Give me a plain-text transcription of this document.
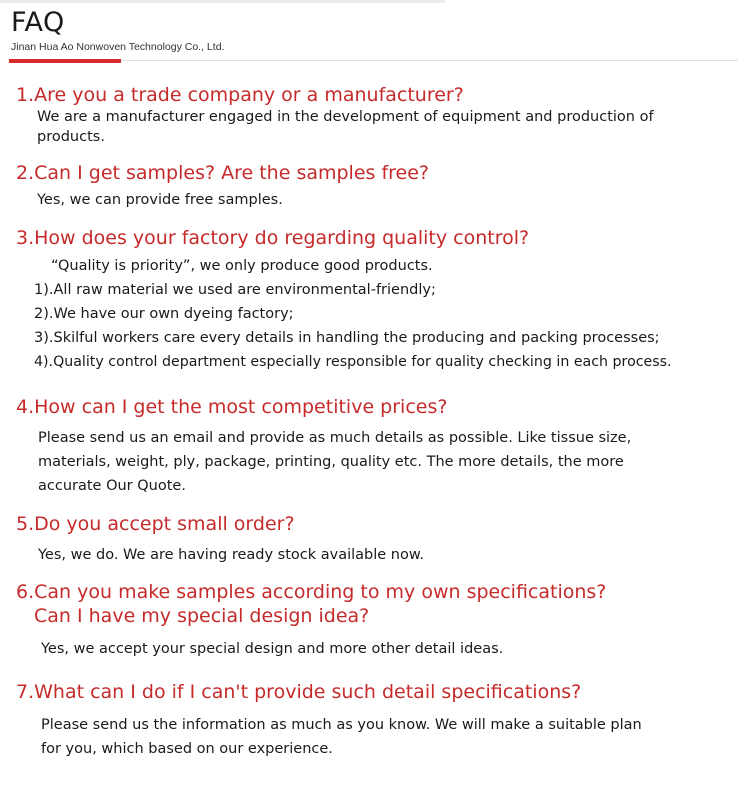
FAQ
Jinan Hua Ao Nonwoven Technology Co., Ltd.
1.Are you a trade company or a manufacturer?

We are a manufacturer engaged in the development of equipment and production of

products.

2.Can I get samples? Are the samples free?

Yes, we can provide free samples.

3.How does your factory do regarding quality control?

“Quality is priority”, we only produce good products.

1).All raw material we used are environmental-friendly;

2).We have our own dyeing factory;

3).Skilful workers care every details in handling the producing and packing processes;

4).Quality control department especially responsible for quality checking in each process.

4.How can I get the most competitive prices?

Please send us an email and provide as much details as possible. Like tissue size,

materials, weight, ply, package, printing, quality etc. The more details, the more

accurate Our Quote.

5.Do you accept small order?

Yes, we do. We are having ready stock available now.

6.Can you make samples according to my own specifications?
Can I have my special design idea?

Yes, we accept your special design and more other detail ideas.

7.What can I do if I can't provide such detail specifications?

Please send us the information as much as you know. We will make a suitable plan

for you, which based on our experience.
